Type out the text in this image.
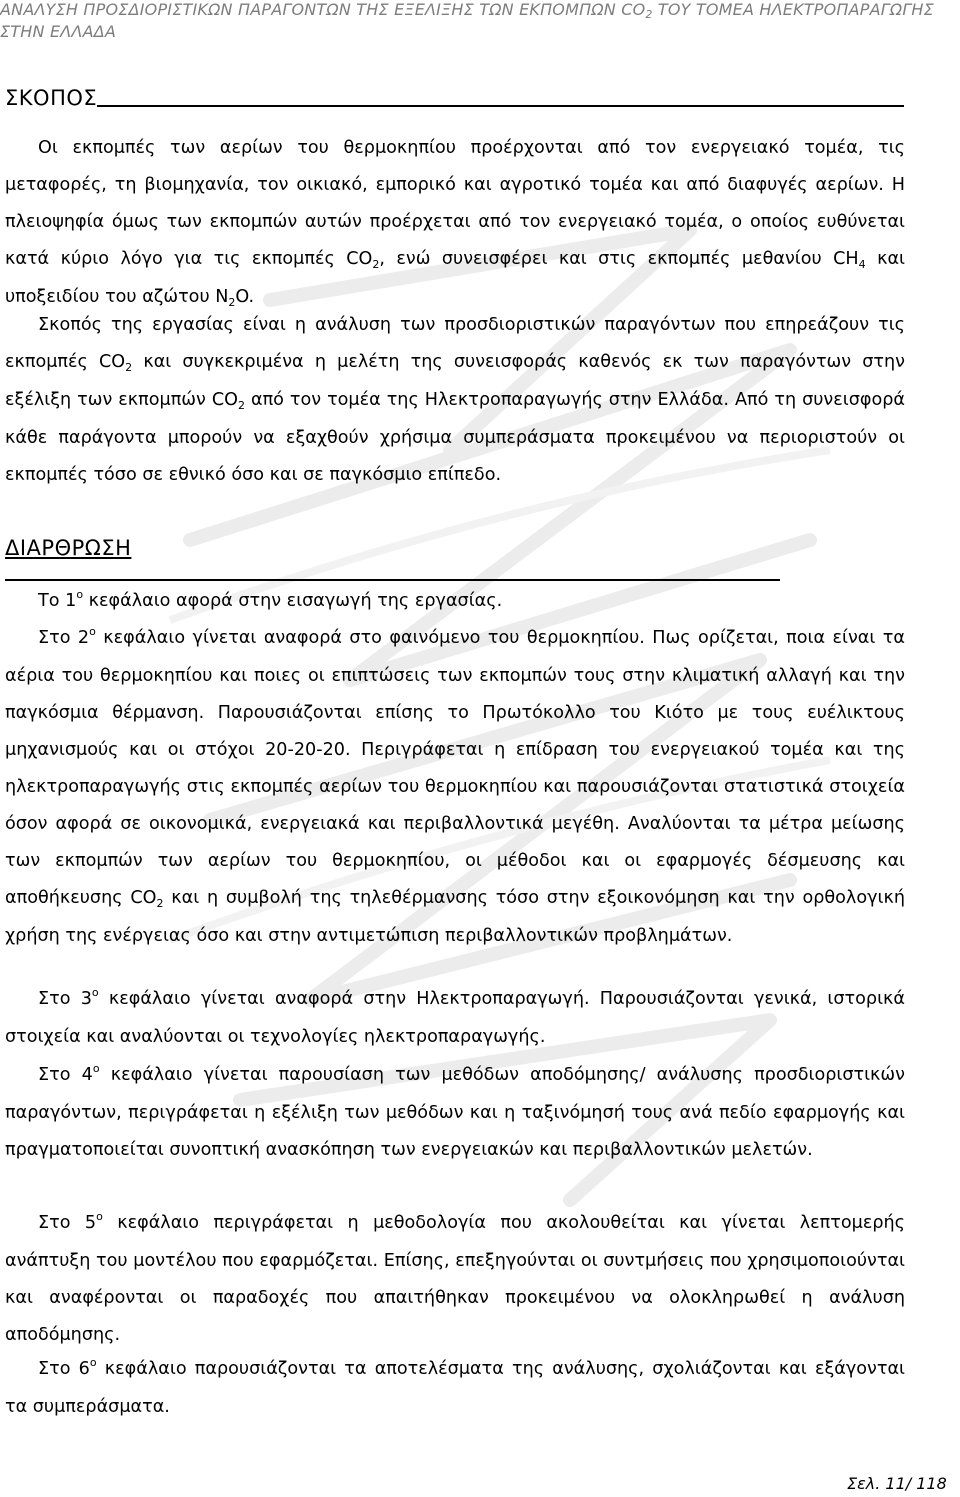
ΑΝΑΛΥΣΗ ΠΡΟΣΔΙΟΡΙΣΤΙΚΩΝ ΠΑΡΑΓΟΝΤΩΝ ΤΗΣ ΕΞΕΛΙΞΗΣ ΤΩΝ ΕΚΠΟΜΠΩΝ $CO_2$ ΤΟΥ ΤΟΜΕΑ ΗΛΕΚΤΡΟΠΑΡΑΓΩΓΗΣ
ΣΤΗΝ ΕΛΛΑΔΑ
ΣΚΟΠΟΣ

Οι εκπομπές των αερίων του θερμοκηπίου προέρχονται από τον ενεργειακό τομέα, τις μεταφορές, τη βιομηχανία, τον οικιακό, εμπορικό και αγροτικό τομέα και από διαφυγές αερίων. Η πλειοψηφία όμως των εκπομπών αυτών προέρχεται από τον ενεργειακό τομέα, ο οποίος ευθύνεται κατά κύριο λόγο για τις εκπομπές $CO_2$, ενώ συνεισφέρει και στις εκπομπές μεθανίου $CH_4$ και υποξειδίου του αζώτου $N_2O$.

Σκοπός της εργασίας είναι η ανάλυση των προσδιοριστικών παραγόντων που επηρεάζουν τις εκπομπές $CO_2$ και συγκεκριμένα η μελέτη της συνεισφοράς καθενός εκ των παραγόντων στην εξέλιξη των εκπομπών $CO_2$ από τον τομέα της Ηλεκτροπαραγωγής στην Ελλάδα. Από τη συνεισφορά κάθε παράγοντα μπορούν να εξαχθούν χρήσιμα συμπεράσματα προκειμένου να περιοριστούν οι εκπομπές τόσο σε εθνικό όσο και σε παγκόσμιο επίπεδο.

ΔΙΑΡΘΡΩΣΗ

Το $1^o$ κεφάλαιο αφορά στην εισαγωγή της εργασίας.

Στο $2^o$ κεφάλαιο γίνεται αναφορά στο φαινόμενο του θερμοκηπίου. Πως ορίζεται, ποια είναι τα αέρια του θερμοκηπίου και ποιες οι επιπτώσεις των εκπομπών τους στην κλιματική αλλαγή και την παγκόσμια θέρμανση. Παρουσιάζονται επίσης το Πρωτόκολλο του Κιότο με τους ευέλικτους μηχανισμούς και οι στόχοι 20-20-20. Περιγράφεται η επίδραση του ενεργειακού τομέα και της ηλεκτροπαραγωγής στις εκπομπές αερίων του θερμοκηπίου και παρουσιάζονται στατιστικά στοιχεία όσον αφορά σε οικονομικά, ενεργειακά και περιβαλλοντικά μεγέθη. Αναλύονται τα μέτρα μείωσης των εκπομπών των αερίων του θερμοκηπίου, οι μέθοδοι και οι εφαρμογές δέσμευσης και αποθήκευσης $CO_2$ και η συμβολή της τηλεθέρμανσης τόσο στην εξοικονόμηση και την ορθολογική χρήση της ενέργειας όσο και στην αντιμετώπιση περιβαλλοντικών προβλημάτων.

Στο $3^o$ κεφάλαιο γίνεται αναφορά στην Ηλεκτροπαραγωγή. Παρουσιάζονται γενικά, ιστορικά στοιχεία και αναλύονται οι τεχνολογίες ηλεκτροπαραγωγής.

Στο $4^o$ κεφάλαιο γίνεται παρουσίαση των μεθόδων αποδόμησης/ ανάλυσης προσδιοριστικών παραγόντων, περιγράφεται η εξέλιξη των μεθόδων και η ταξινόμησή τους ανά πεδίο εφαρμογής και πραγματοποιείται συνοπτική ανασκόπηση των ενεργειακών και περιβαλλοντικών μελετών.

Στο $5^o$ κεφάλαιο περιγράφεται η μεθοδολογία που ακολουθείται και γίνεται λεπτομερής ανάπτυξη του μοντέλου που εφαρμόζεται. Επίσης, επεξηγούνται οι συντμήσεις που χρησιμοποιούνται και αναφέρονται οι παραδοχές που απαιτήθηκαν προκειμένου να ολοκληρωθεί η ανάλυση αποδόμησης.

Στο $6^o$ κεφάλαιο παρουσιάζονται τα αποτελέσματα της ανάλυσης, σχολιάζονται και εξάγονται τα συμπεράσματα.

Σελ. 11/ 118
